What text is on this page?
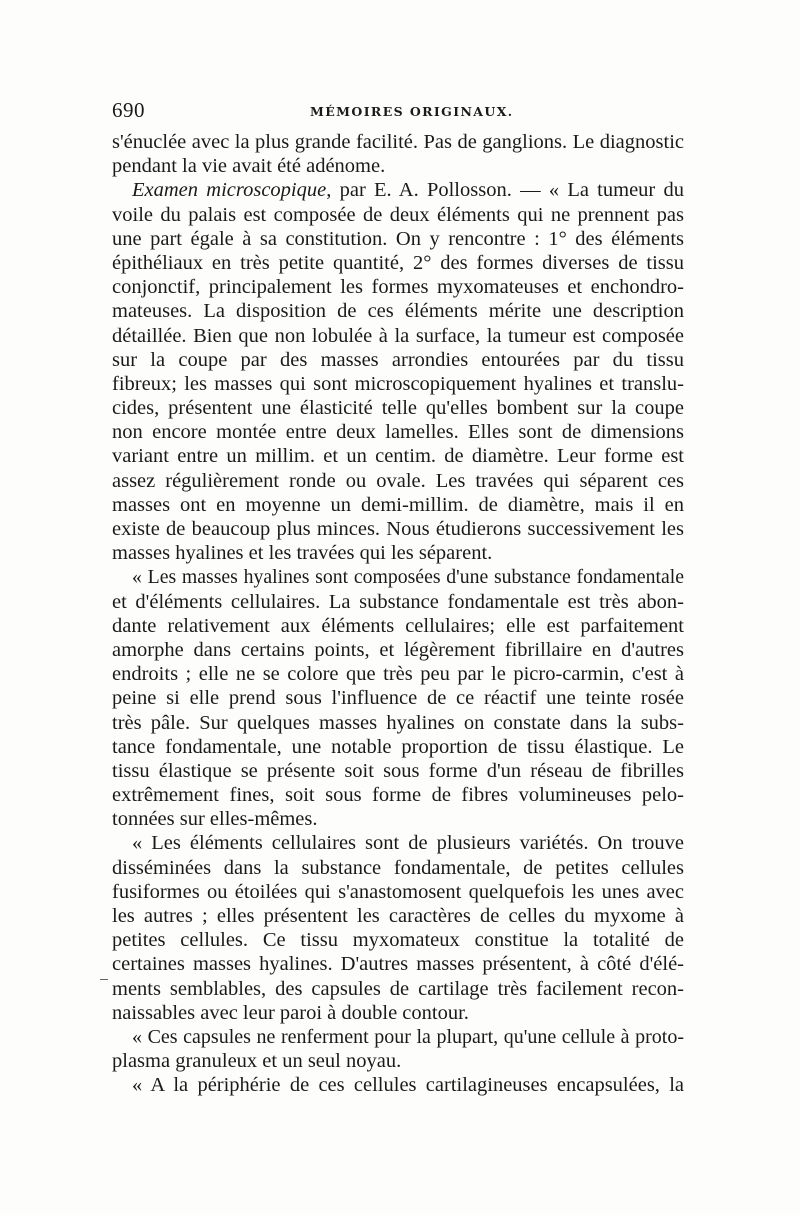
690	MÉMOIRES ORIGINAUX.
s'énuclée avec la plus grande facilité. Pas de ganglions. Le diagnostic
pendant la vie avait été adénome.
Examen microscopique, par E. A. Pollosson. — « La tumeur du
voile du palais est composée de deux éléments qui ne prennent pas
une part égale à sa constitution. On y rencontre : 1° des éléments
épithéliaux en très petite quantité, 2° des formes diverses de tissu
conjonctif, principalement les formes myxomateuses et enchondro-
mateuses. La disposition de ces éléments mérite une description
détaillée. Bien que non lobulée à la surface, la tumeur est composée
sur la coupe par des masses arrondies entourées par du tissu
fibreux; les masses qui sont microscopiquement hyalines et translu-
cides, présentent une élasticité telle qu'elles bombent sur la coupe
non encore montée entre deux lamelles. Elles sont de dimensions
variant entre un millim. et un centim. de diamètre. Leur forme est
assez régulièrement ronde ou ovale. Les travées qui séparent ces
masses ont en moyenne un demi-millim. de diamètre, mais il en
existe de beaucoup plus minces. Nous étudierons successivement les
masses hyalines et les travées qui les séparent.
« Les masses hyalines sont composées d'une substance fondamentale
et d'éléments cellulaires. La substance fondamentale est très abon-
dante relativement aux éléments cellulaires; elle est parfaitement
amorphe dans certains points, et légèrement fibrillaire en d'autres
endroits ; elle ne se colore que très peu par le picro-carmin, c'est à
peine si elle prend sous l'influence de ce réactif une teinte rosée
très pâle. Sur quelques masses hyalines on constate dans la subs-
tance fondamentale, une notable proportion de tissu élastique. Le
tissu élastique se présente soit sous forme d'un réseau de fibrilles
extrêmement fines, soit sous forme de fibres volumineuses pelo-
tonnées sur elles-mêmes.
« Les éléments cellulaires sont de plusieurs variétés. On trouve
disséminées dans la substance fondamentale, de petites cellules
fusiformes ou étoilées qui s'anastomosent quelquefois les unes avec
les autres ; elles présentent les caractères de celles du myxome à
petites cellules. Ce tissu myxomateux constitue la totalité de
certaines masses hyalines. D'autres masses présentent, à côté d'élé-
ments semblables, des capsules de cartilage très facilement recon-
naissables avec leur paroi à double contour.
« Ces capsules ne renferment pour la plupart, qu'une cellule à proto-
plasma granuleux et un seul noyau.
« A la périphérie de ces cellules cartilagineuses encapsulées, la
